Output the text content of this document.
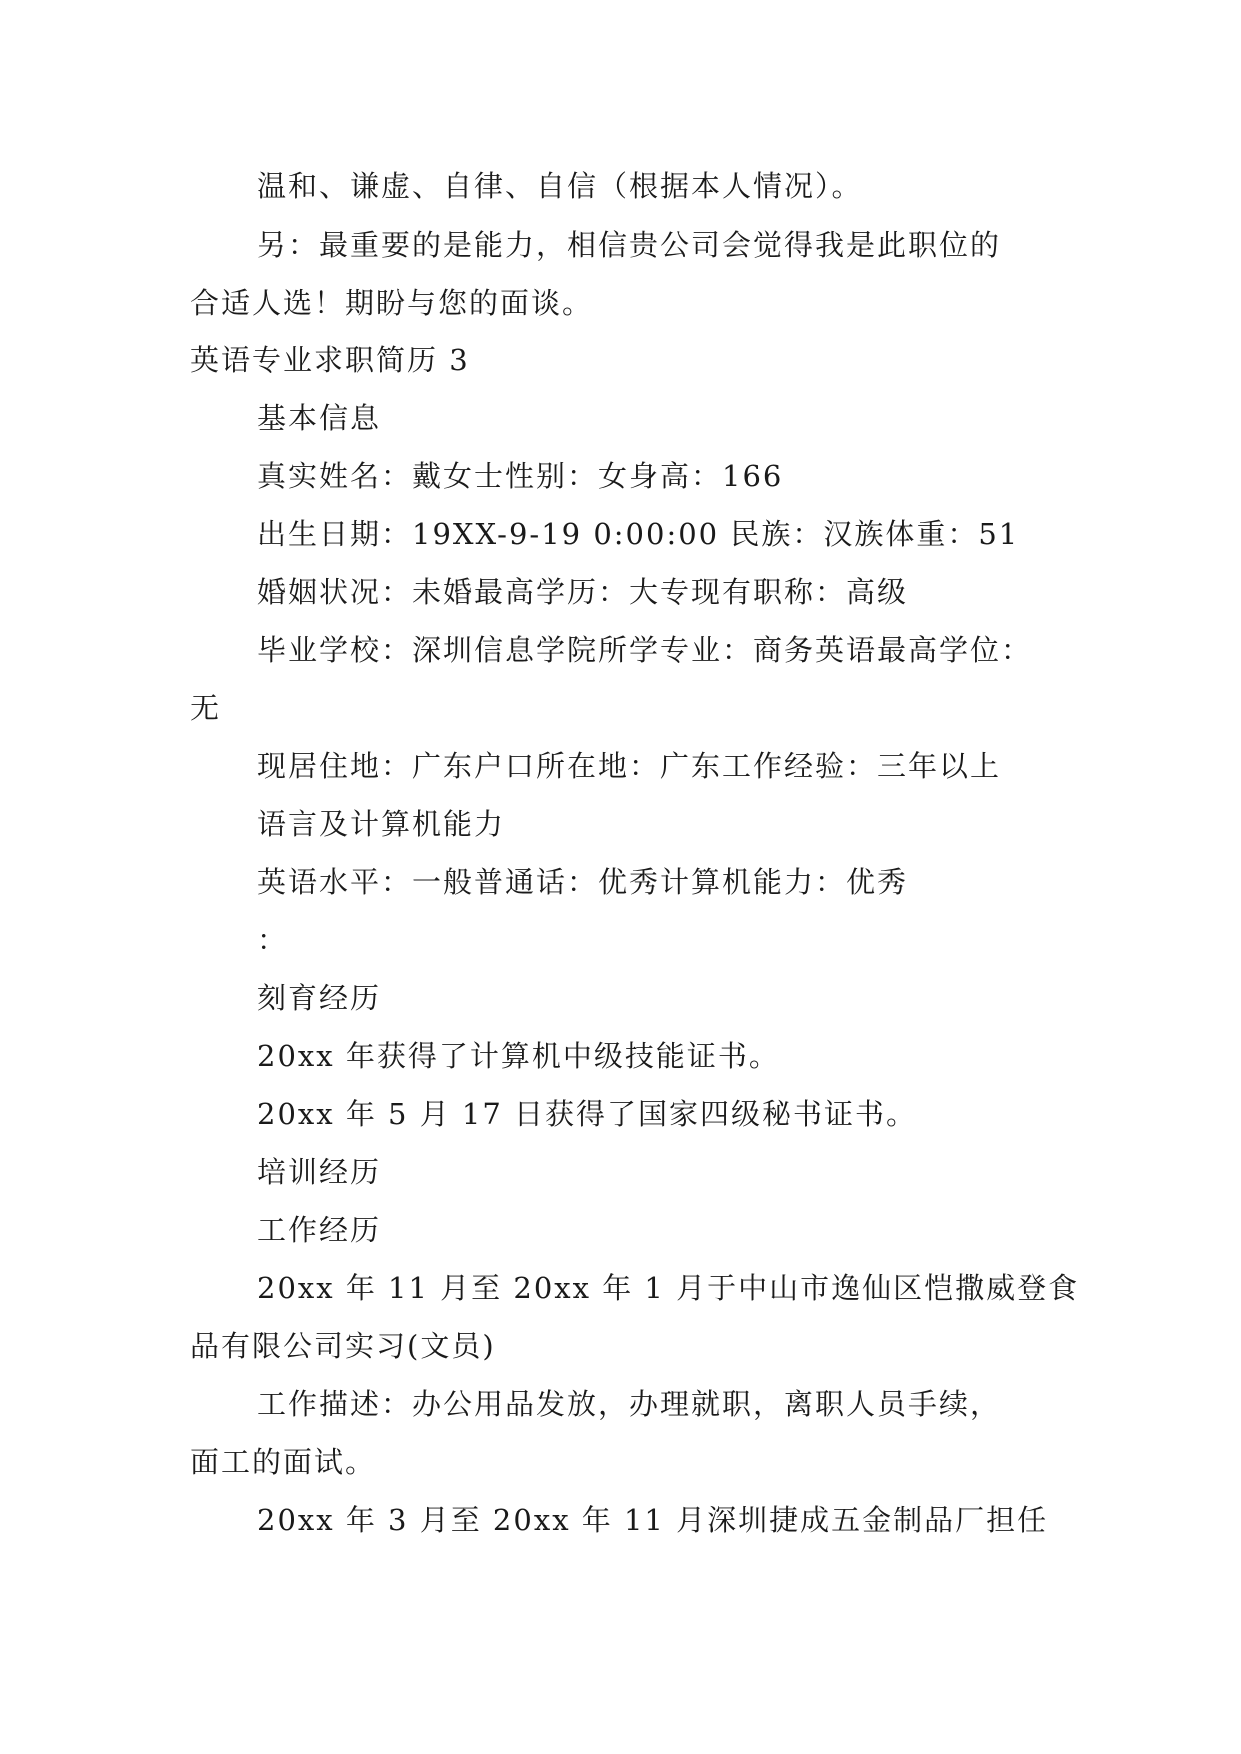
温和、谦虚、自律、自信（根据本人情况）。
另：最重要的是能力，相信贵公司会觉得我是此职位的
合适人选！期盼与您的面谈。
英语专业求职简历 3
基本信息
真实姓名：戴女士性别：女身高：166
出生日期：19XX-9-19 0:00:00 民族：汉族体重：51
婚姻状况：未婚最高学历：大专现有职称：高级
毕业学校：深圳信息学院所学专业：商务英语最高学位：
无
现居住地：广东户口所在地：广东工作经验：三年以上
语言及计算机能力
英语水平：一般普通话：优秀计算机能力：优秀
：
刻育经历
20xx 年获得了计算机中级技能证书。
20xx 年 5 月 17 日获得了国家四级秘书证书。
培训经历
工作经历
20xx 年 11 月至 20xx 年 1 月于中山市逸仙区恺撒威登食
品有限公司实习(文员)
工作描述：办公用品发放，办理就职，离职人员手续，
面工的面试。
20xx 年 3 月至 20xx 年 11 月深圳捷成五金制品厂担任
